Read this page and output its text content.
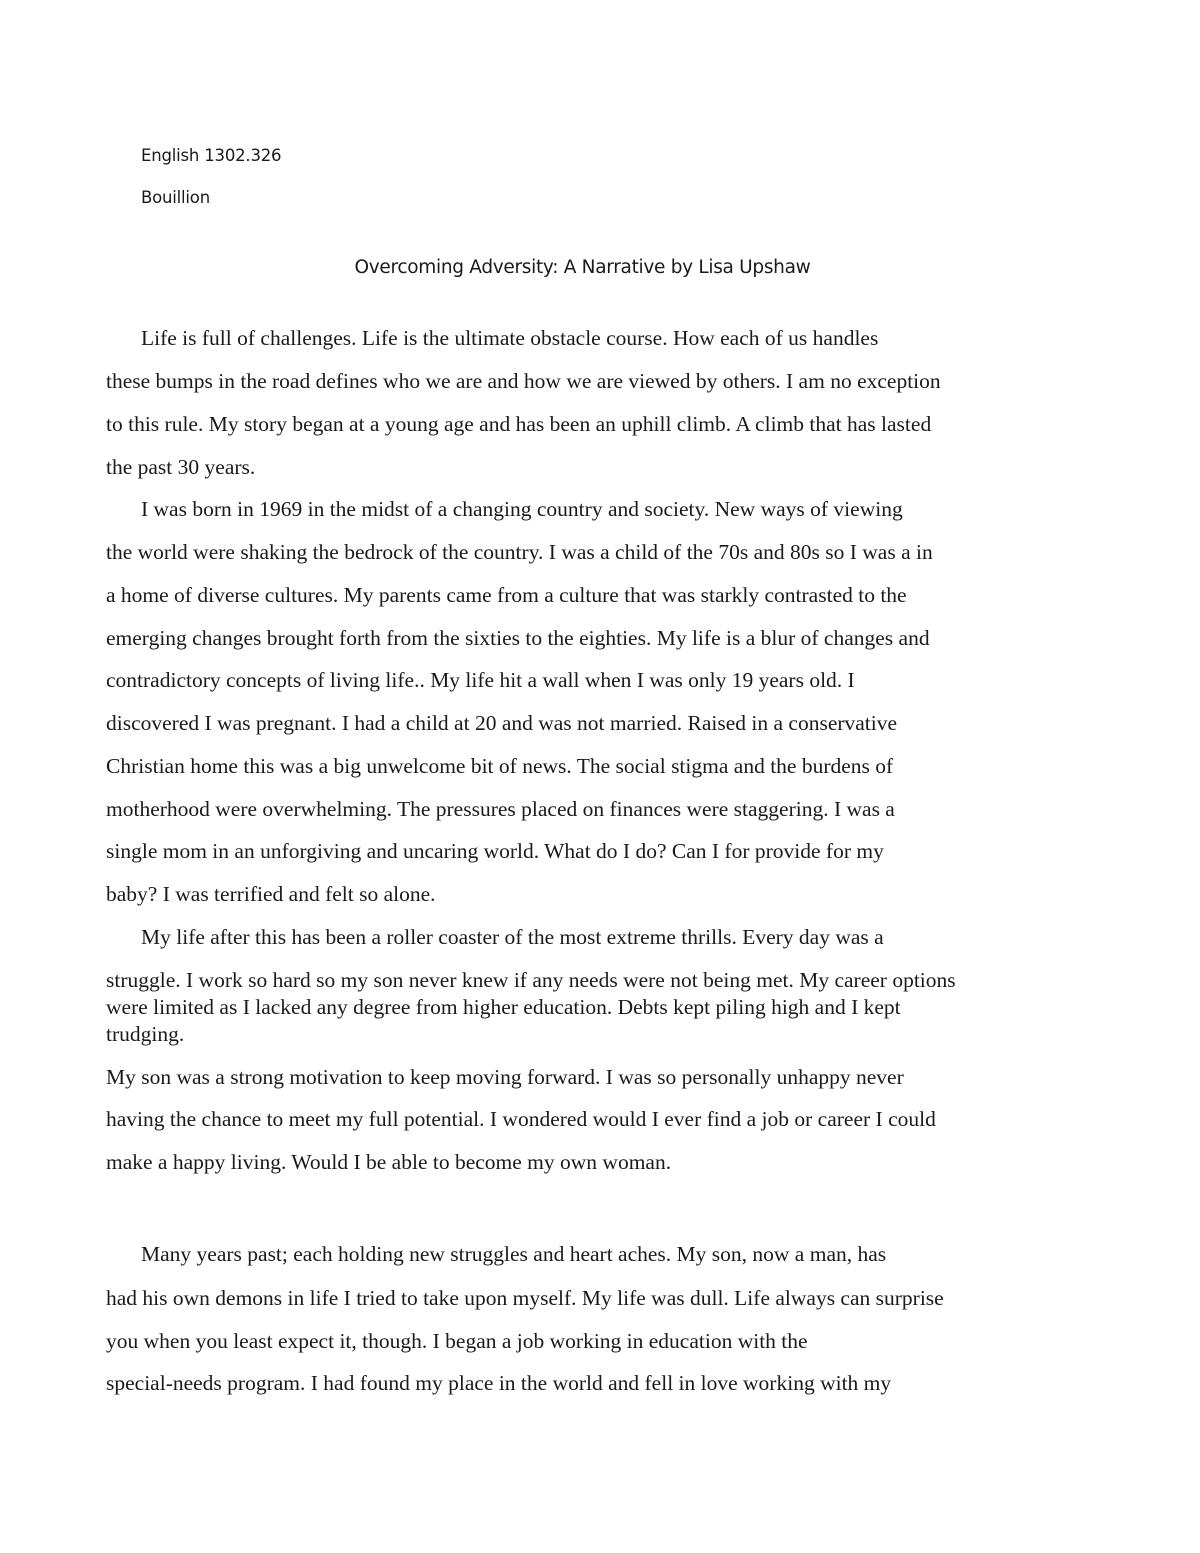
English 1302.326
Bouillion
Overcoming Adversity: A Narrative by Lisa Upshaw
Life is full of challenges. Life is the ultimate obstacle course. How each of us handles
these bumps in the road defines who we are and how we are viewed by others. I am no exception
to this rule. My story began at a young age and has been an uphill climb. A climb that has lasted
the past 30 years.
I was born in 1969 in the midst of a changing country and society. New ways of viewing
the world were shaking the bedrock of the country. I was a child of the 70s and 80s so I was a in
a home of diverse cultures. My parents came from a culture that was starkly contrasted to the
emerging changes brought forth from the sixties to the eighties. My life is a blur of changes and
contradictory concepts of living life.. My life hit a wall when I was only 19 years old. I
discovered I was pregnant. I had a child at 20 and was not married. Raised in a conservative
Christian home this was a big unwelcome bit of news. The social stigma and the burdens of
motherhood were overwhelming. The pressures placed on finances were staggering. I was a
single mom in an unforgiving and uncaring world. What do I do? Can I for provide for my
baby? I was terrified and felt so alone.
My life after this has been a roller coaster of the most extreme thrills. Every day was a
struggle. I work so hard so my son never knew if any needs were not being met. My career options
were limited as I lacked any degree from higher education. Debts kept piling high and I kept
trudging.
My son was a strong motivation to keep moving forward. I was so personally unhappy never
having the chance to meet my full potential. I wondered would I ever find a job or career I could
make a happy living. Would I be able to become my own woman.
Many years past; each holding new struggles and heart aches. My son, now a man, has
had his own demons in life I tried to take upon myself. My life was dull. Life always can surprise
you when you least expect it, though. I began a job working in education with the
special-needs program. I had found my place in the world and fell in love working with my
